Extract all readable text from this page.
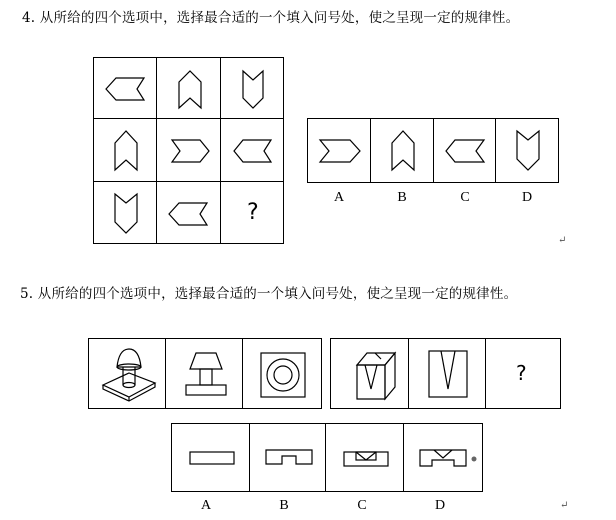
4. 从所给的四个选项中，选择最合适的一个填入问号处，使之呈现一定的规律性。
?
A	B	C	D
↵
5. 从所给的四个选项中，选择最合适的一个填入问号处，使之呈现一定的规律性。
?
A	B	C	D	↵
